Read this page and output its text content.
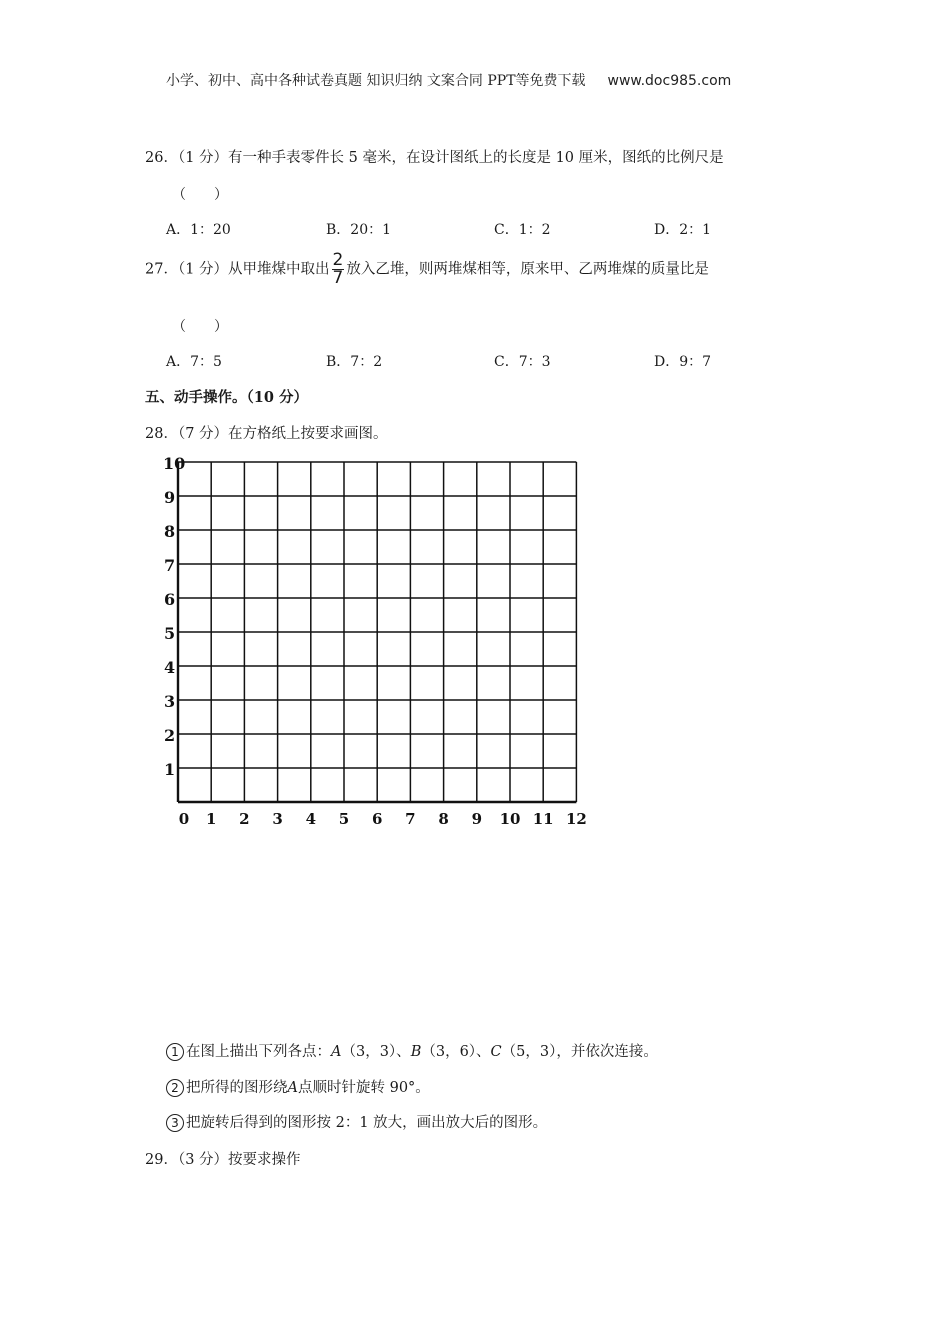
小学、初中、高中各种试卷真题 知识归纳 文案合同 PPT等免费下载 www.doc985.com
26．（1 分）有一种手表零件长 5 毫米，在设计图纸上的长度是 10 厘米，图纸的比例尺是
（　　）
A．1：20	B．20：1	C．1：2	D．2：1
27．（1 分）从甲堆煤中取出 $\frac{2}{7}$ 放入乙堆，则两堆煤相等，原来甲、乙两堆煤的质量比是
（　　）
A．7：5	B．7：2	C．7：3	D．9：7
五、动手操作。（10 分）
28．（7 分）在方格纸上按要求画图。
0 1 2 3 4 5 6 7 8 9 10 11 12
1
2
3
4
5
6
7
8
9
10
1 在图上描出下列各点：A（3，3）、B（3，6）、C（5，3），并依次连接。
2 把所得的图形绕A点顺时针旋转 90°。
3 把旋转后得到的图形按 2：1 放大，画出放大后的图形。
29．（3 分）按要求操作
